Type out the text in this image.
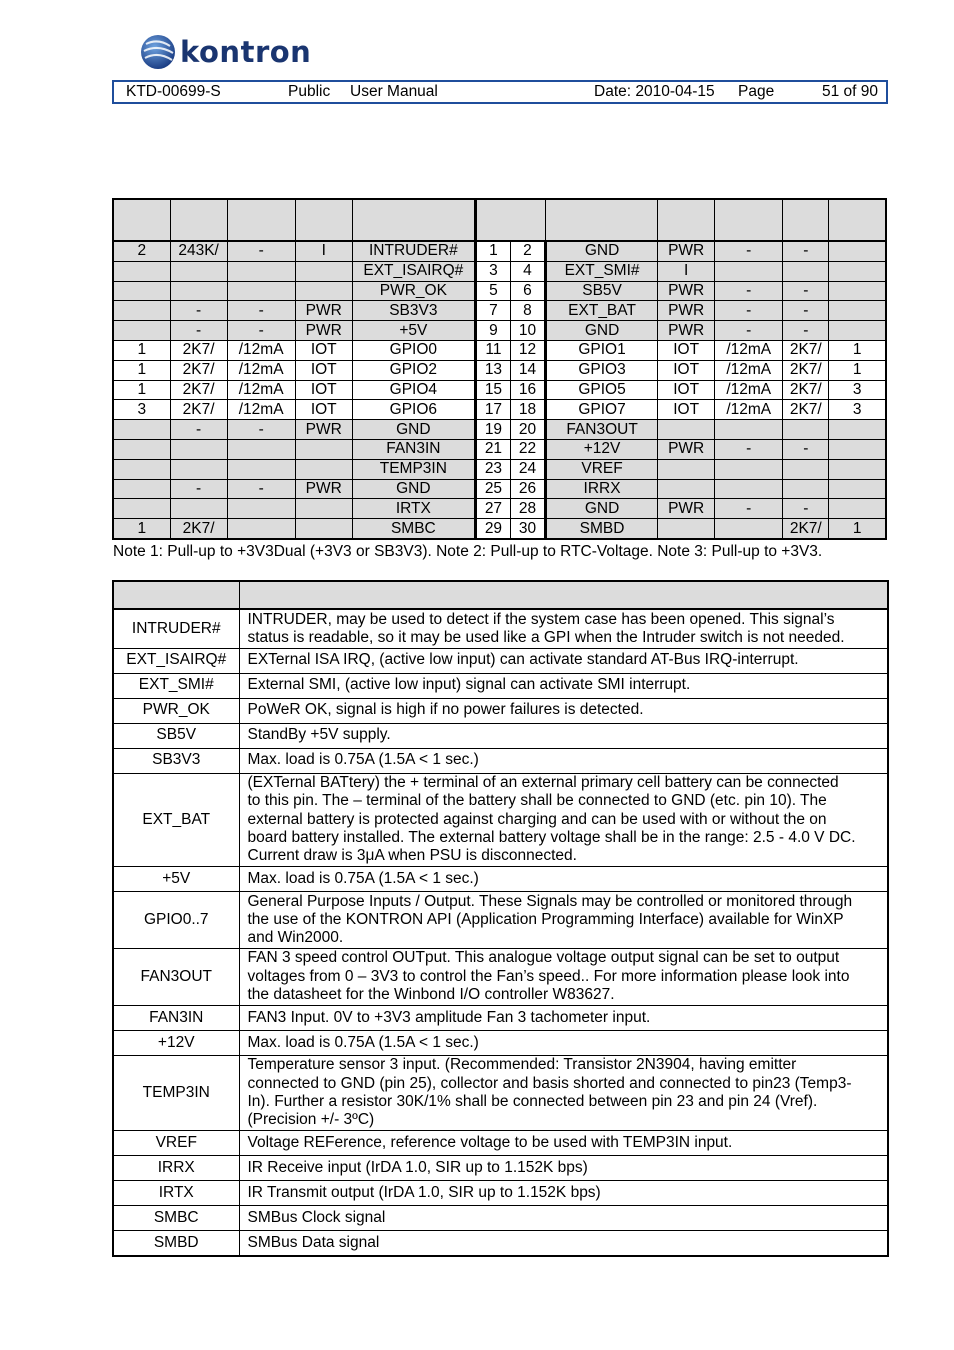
kontron
KTD-00699-S	Public User Manual	Date: 2010-04-15 Page	51 of 90

2	243K/	-	I	INTRUDER#	1	2	GND	PWR	-	-	
				EXT_ISAIRQ#	3	4	EXT_SMI#	I			
				PWR_OK	5	6	SB5V	PWR	-	-	
	-	-	PWR	SB3V3	7	8	EXT_BAT	PWR	-	-	
	-	-	PWR	+5V	9	10	GND	PWR	-	-	
1	2K7/	/12mA	IOT	GPIO0	11	12	GPIO1	IOT	/12mA	2K7/	1
1	2K7/	/12mA	IOT	GPIO2	13	14	GPIO3	IOT	/12mA	2K7/	1
1	2K7/	/12mA	IOT	GPIO4	15	16	GPIO5	IOT	/12mA	2K7/	3
3	2K7/	/12mA	IOT	GPIO6	17	18	GPIO7	IOT	/12mA	2K7/	3
	-	-	PWR	GND	19	20	FAN3OUT				
				FAN3IN	21	22	+12V	PWR	-	-	
				TEMP3IN	23	24	VREF				
	-	-	PWR	GND	25	26	IRRX				
				IRTX	27	28	GND	PWR	-	-	
1	2K7/			SMBC	29	30	SMBD			2K7/	1
Note 1: Pull-up to +3V3Dual (+3V3 or SB3V3). Note 2: Pull-up to RTC-Voltage. Note 3: Pull-up to +3V3.

INTRUDER#	INTRUDER, may be used to detect if the system case has been opened. This signal’s
status is readable, so it may be used like a GPI when the Intruder switch is not needed.

EXT_ISAIRQ#	EXTernal ISA IRQ, (active low input) can activate standard AT-Bus IRQ-interrupt.

EXT_SMI#	External SMI, (active low input) signal can activate SMI interrupt.

PWR_OK	PoWeR OK, signal is high if no power failures is detected.

SB5V	StandBy +5V supply.

SB3V3	Max. load is 0.75A (1.5A < 1 sec.)

EXT_BAT	(EXTernal BATtery) the + terminal of an external primary cell battery can be connected
to this pin. The – terminal of the battery shall be connected to GND (etc. pin 10). The
external battery is protected against charging and can be used with or without the on
board battery installed. The external battery voltage shall be in the range: 2.5 - 4.0 V DC.
Current draw is 3μA when PSU is disconnected.

+5V	Max. load is 0.75A (1.5A < 1 sec.)

GPIO0..7	General Purpose Inputs / Output. These Signals may be controlled or monitored through
the use of the KONTRON API (Application Programming Interface) available for WinXP
and Win2000.

FAN3OUT	FAN 3 speed control OUTput. This analogue voltage output signal can be set to output
voltages from 0 – 3V3 to control the Fan’s speed.. For more information please look into
the datasheet for the Winbond I/O controller W83627.

FAN3IN	FAN3 Input. 0V to +3V3 amplitude Fan 3 tachometer input.

+12V	Max. load is 0.75A (1.5A < 1 sec.)

TEMP3IN	Temperature sensor 3 input. (Recommended: Transistor 2N3904, having emitter
connected to GND (pin 25), collector and basis shorted and connected to pin23 (Temp3-
In). Further a resistor 30K/1% shall be connected between pin 23 and pin 24 (Vref).
(Precision +/- 3ºC)

VREF	Voltage REFerence, reference voltage to be used with TEMP3IN input.

IRRX	IR Receive input (IrDA 1.0, SIR up to 1.152K bps)

IRTX	IR Transmit output (IrDA 1.0, SIR up to 1.152K bps)

SMBC	SMBus Clock signal

SMBD	SMBus Data signal
